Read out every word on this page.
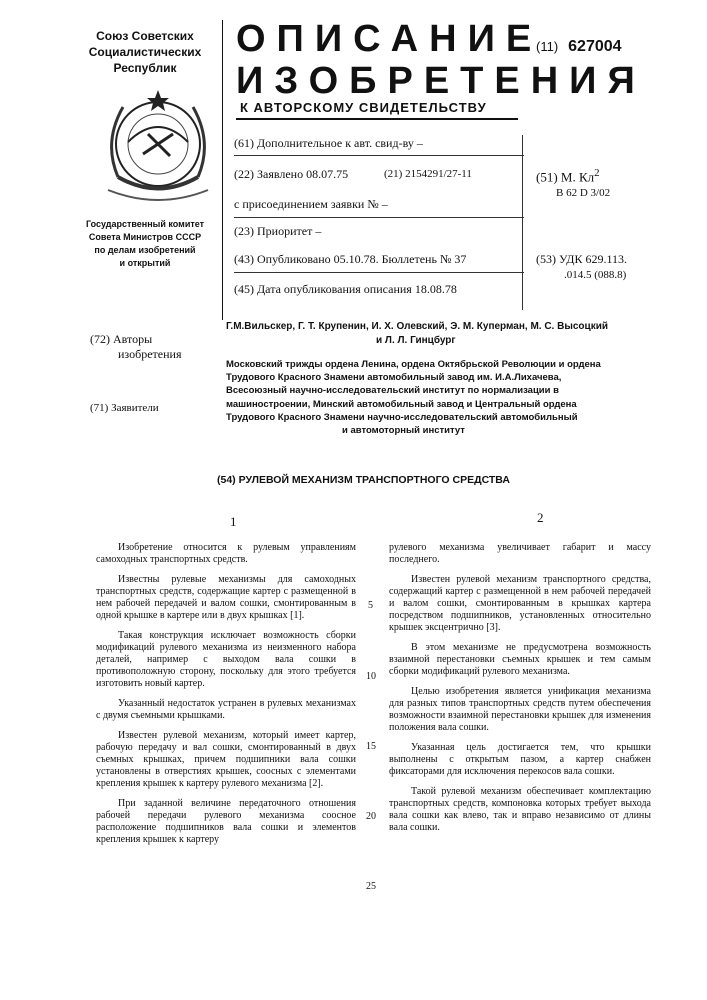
Союз Советских
Социалистических
Республик
Государственный комитет
Совета Министров СССР
по делам изобретений
и открытий
ОПИСАНИЕ
ИЗОБРЕТЕНИЯ
К АВТОРСКОМУ СВИДЕТЕЛЬСТВУ
(11) 627004
(61) Дополнительное к авт. свид-ву –
(22) Заявлено 08.07.75	(21) 2154291/27-11
с присоединением заявки № –
(23) Приоритет –
(43) Опубликовано 05.10.78. Бюллетень № 37
(45) Дата опубликования описания 18.08.78
(51) М. Кл2
B 62 D 3/02
(53) УДК 629.113.
.014.5 (088.8)
(72) Авторы
изобретения
Г.М.Вильскер, Г. Т. Крупенин, И. Х. Олевский, Э. М. Куперман, М. С. Высоцкий
и Л. Л. Гинцбург
(71) Заявители
Московский трижды ордена Ленина, ордена Октябрьской Революции и ордена
Трудового Красного Знамени автомобильный завод им. И.А.Лихачева,
Всесоюзный научно-исследовательский институт по нормализации в
машиностроении, Минский автомобильный завод и Центральный ордена
Трудового Красного Знамени научно-исследовательский автомобильный
и автомоторный институт
(54) РУЛЕВОЙ МЕХАНИЗМ ТРАНСПОРТНОГО СРЕДСТВА
1	2

Изобретение относится к рулевым управлениям самоходных транспортных средств.

Известны рулевые механизмы для самоходных транспортных средств, содержащие картер с размещенной в нем рабочей передачей и валом сошки, смонтированным в одной крышке в картере или в двух крышках [1].

Такая конструкция исключает возможность сборки модификаций рулевого механизма из неизменного набора деталей, например с выходом вала сошки в противоположную сторону, поскольку для этого требуется изготовить новый картер.

Указанный недостаток устранен в рулевых механизмах с двумя съемными крышками.

Известен рулевой механизм, который имеет картер, рабочую передачу и вал сошки, смонтированный в двух съемных крышках, причем подшипники вала сошки установлены в отверстиях крышек, соосных с элементами крепления крышек к картеру рулевого механизма [2].

При заданной величине передаточного отношения рабочей передачи рулевого механизма соосное расположение подшипников вала сошки и элементов крепления крышек к картеру

5
10
15
20
25

рулевого механизма увеличивает габарит и массу последнего.

Известен рулевой механизм транспортного средства, содержащий картер с размещенной в нем рабочей передачей и валом сошки, смонтированным в крышках картера посредством подшипников, установленных относительно крышек эксцентрично [3].

В этом механизме не предусмотрена возможность взаимной перестановки съемных крышек и тем самым сборки модификаций рулевого механизма.

Целью изобретения является унификация механизма для разных типов транспортных средств путем обеспечения возможности взаимной перестановки крышек для изменения положения вала сошки.

Указанная цель достигается тем, что крышки выполнены с открытым пазом, а картер снабжен фиксаторами для исключения перекосов вала сошки.

Такой рулевой механизм обеспечивает комплектацию транспортных средств, компоновка которых требует выхода вала сошки как влево, так и вправо независимо от длины вала сошки.
